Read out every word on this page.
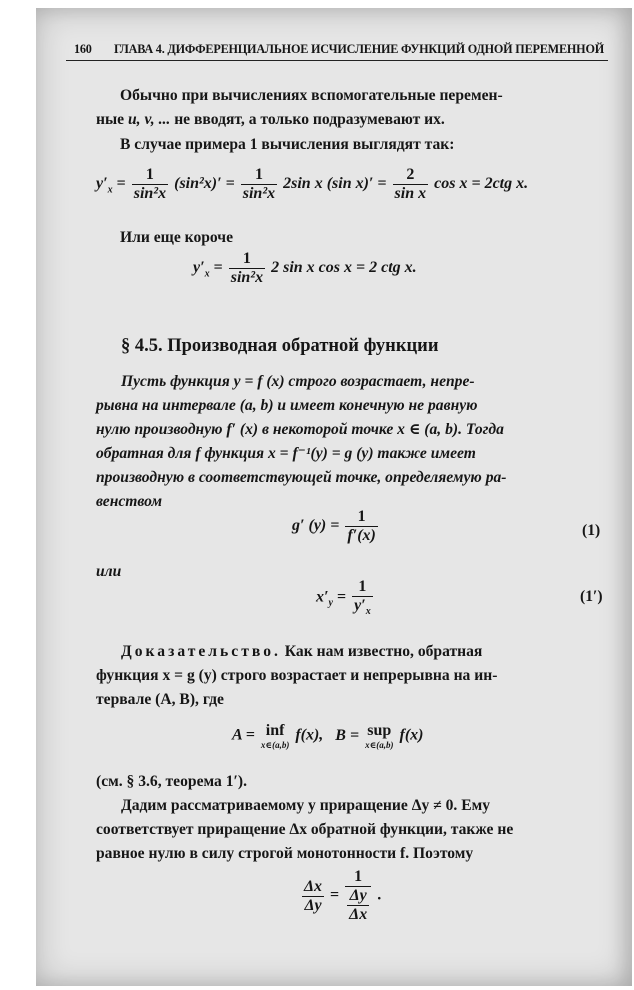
160 ГЛАВА 4. ДИФФЕРЕНЦИАЛЬНОЕ ИСЧИСЛЕНИЕ ФУНКЦИЙ ОДНОЙ ПЕРЕМЕННОЙ
Обычно при вычислениях вспомогательные перемен-
ные u, v, ... не вводят, а только подразумевают их.
В случае примера 1 вычисления выглядят так:
$y'_x = \frac{1}{\text{sin²x}} (\sin^2x)' = \frac{1}{\text{sin²x}} 2\sin$ x (sin $x)' = \frac{2}{\text{sin x}}$ cos x = 2ctg x.
Или еще короче
$y'_x = \frac{1}{\text{sin²x}} 2$ sin x cos x = 2 ctg x.
§ 4.5. Производная обратной функции
Пусть функция y = f (x) строго возрастает, непре-
рывна на интервале (a, b) и имеет конечную не равную
нулю производную f′ (x) в некоторой точке x ∈ (a, b). Тогда
обратная для f функция x = f⁻¹(y) = g (y) также имеет
производную в соответствующей точке, определяемую ра-
венством
g′ $(y) = \frac{1}{f'(x)}$	(1)
или
$x'_y = \frac{1}{y'_x}$	(1′)
Доказательство. Как нам известно, обратная
функция x = g (y) строго возрастает и непрерывна на ин-
тервале (A, B), где
A = inf
x∈(a,b)
f(x), B = sup
x∈(a,b)
f(x)
(см. § 3.6, теорема 1′).
Дадим рассматриваемому y приращение Δy ≠ 0. Ему
соответствует приращение Δx обратной функции, также не
равное нулю в силу строгой монотонности f. Поэтому
$\frac{\Delta x}{\Delta y} = \frac{1}{\frac{\Delta y}{\Delta x}}$ .
